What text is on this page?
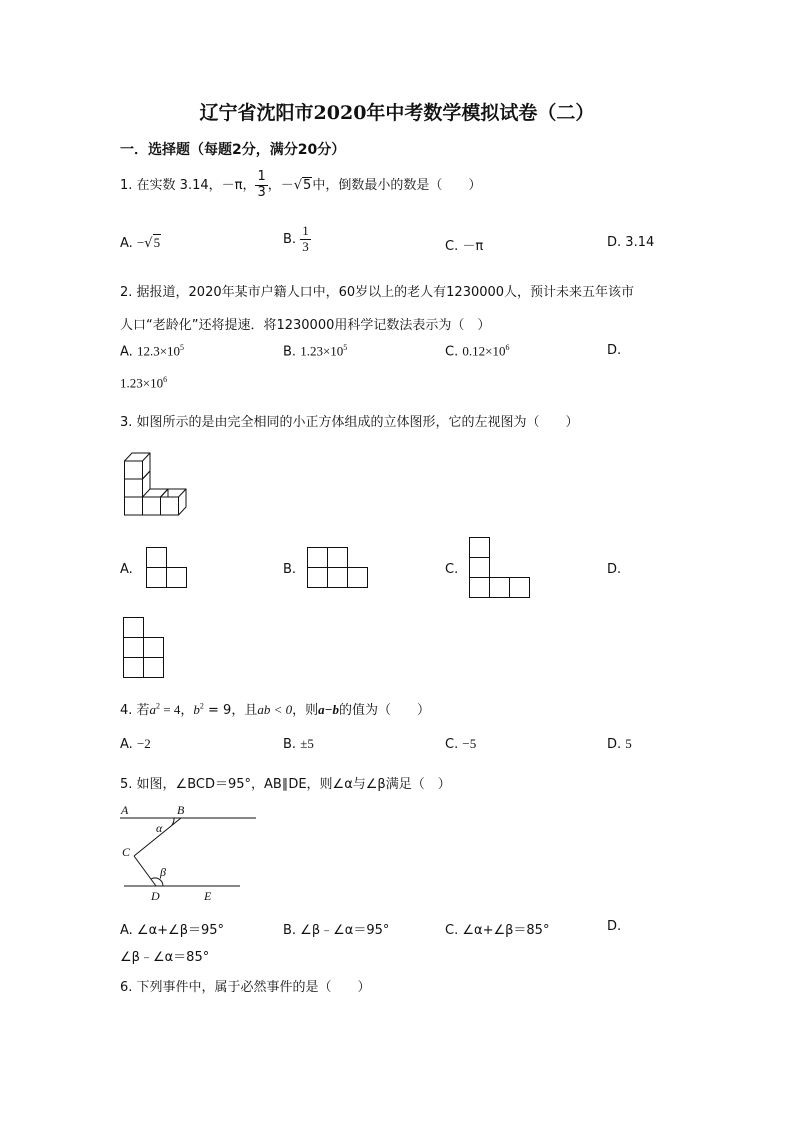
辽宁省沈阳市2020年中考数学模拟试卷（二）
一．选择题（每题2分，满分20分）
1. 在实数 3.14，－π， $\frac{1}{3}$ ，－√5中，倒数最小的数是（　　）
A. −√5	B. $\frac{1}{3}$	C. －π	D. 3.14
2. 据报道，2020年某市户籍人口中，60岁以上的老人有1230000人，预计未来五年该市
人口“老龄化”还将提速．将1230000用科学记数法表示为（　）
A. $12.3\times 10^5$	B. $1.23\times 10^5$	C. $0.12\times 10^6$	D.
$1.23\times 10^6$
3. 如图所示的是由完全相同的小正方体组成的立体图形，它的左视图为（　　）
A.	B.	C.	D.
4. 若$a^2 = 4$，$b^2 = 9$，且ab < 0，则a−b的值为（　　）
A. −2	B. ±5	C. −5	D. 5
5. 如图，∠BCD＝95°，AB∥DE，则∠α与∠β满足（　）
A	B
α
C
β
D	E
A. ∠α+∠β＝95°	B. ∠β﹣∠α＝95°	C. ∠α+∠β＝85°	D.
∠β﹣∠α＝85°
6. 下列事件中，属于必然事件的是（　　）
